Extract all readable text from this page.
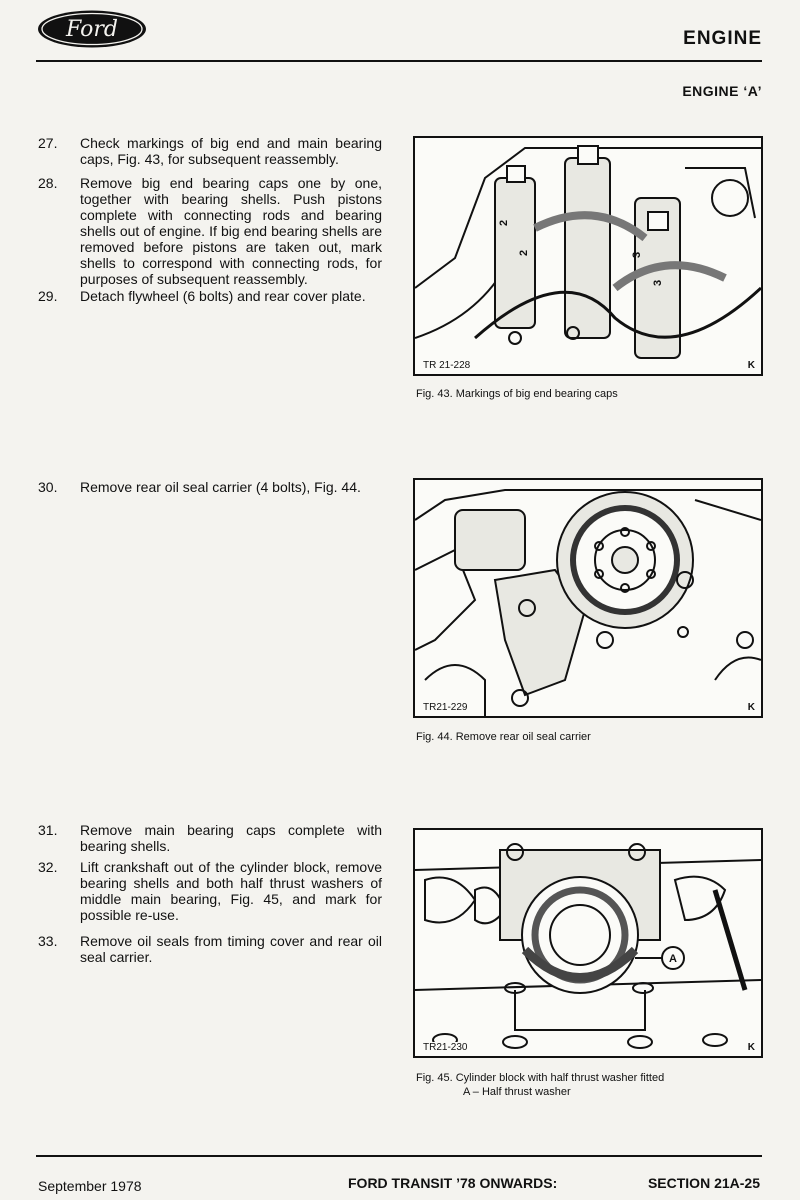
Ford	ENGINE
ENGINE ‘A’
27.	Check markings of big end and main bearing caps, Fig. 43, for subsequent reassembly.
28.	Remove big end bearing caps one by one, together with bearing shells. Push pistons complete with connecting rods and bearing shells out of engine. If big end bearing shells are removed before pistons are taken out, mark shells to correspond with connecting rods, for purposes of subsequent reassembly.
29.	Detach flywheel (6 bolts) and rear cover plate.
30.	Remove rear oil seal carrier (4 bolts), Fig. 44.
31.	Remove main bearing caps complete with bearing shells.
32.	Lift crankshaft out of the cylinder block, remove bearing shells and both half thrust washers of middle main bearing, Fig. 45, and mark for possible re-use.
33.	Remove oil seals from timing cover and rear oil seal carrier.
2
2	3
3
TR 21-228	K
Fig. 43. Markings of big end bearing caps
TR21-229	K
Fig. 44. Remove rear oil seal carrier
A
TR21-230	K
Fig. 45. Cylinder block with half thrust washer fitted
A – Half thrust washer
September 1978	FORD TRANSIT ’78 ONWARDS:	SECTION 21A-25
